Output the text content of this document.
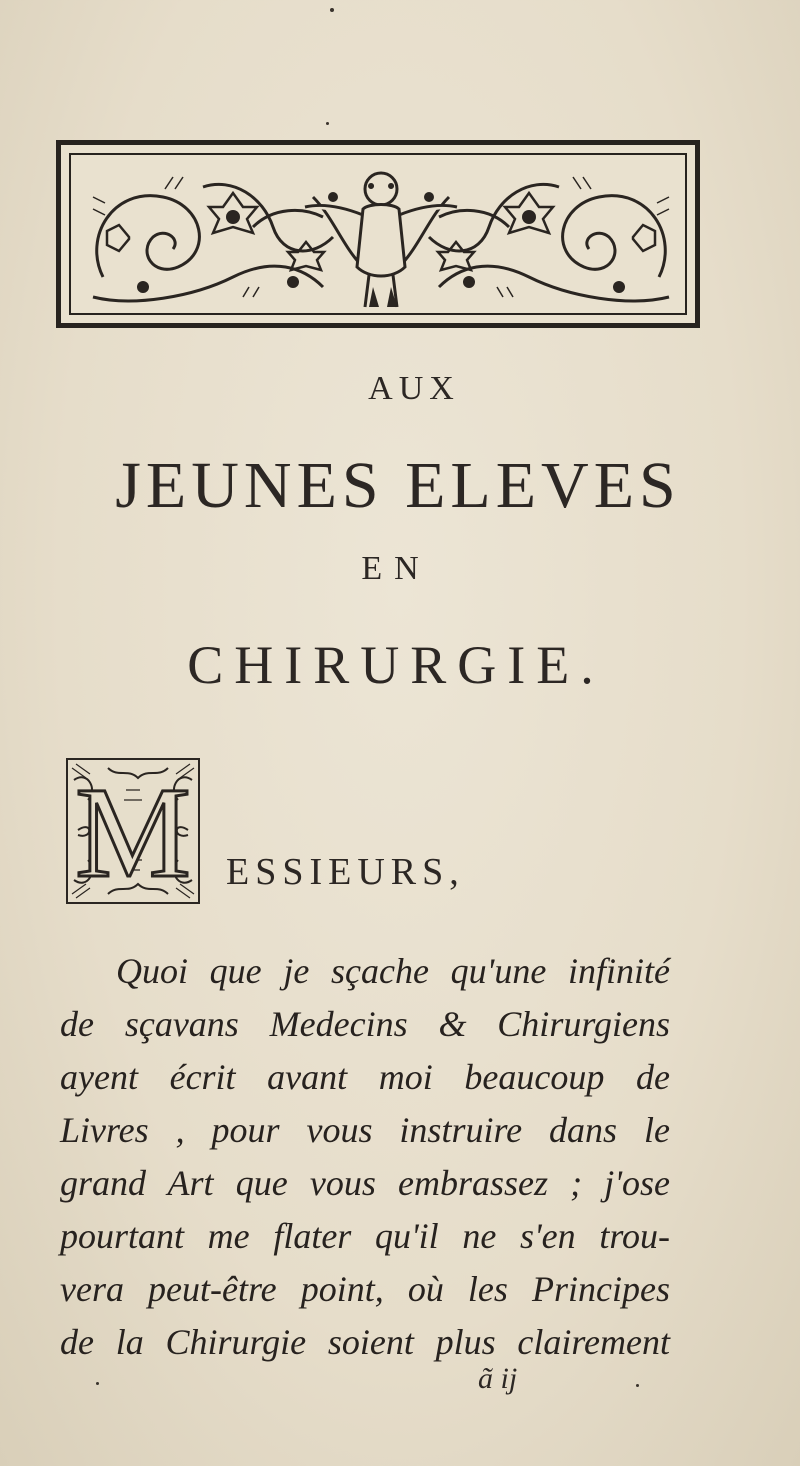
AUX
JEUNES ELEVES
EN
CHIRURGIE.
M ESSIEURS,
Quoi que je sçache qu'une infinité
de sçavans Medecins & Chirurgiens
ayent écrit avant moi beaucoup de
Livres , pour vous instruire dans le
grand Art que vous embrassez ; j'ose
pourtant me flater qu'il ne s'en trou-
vera peut-être point, où les Principes
de la Chirurgie soient plus clairement
ã ij
